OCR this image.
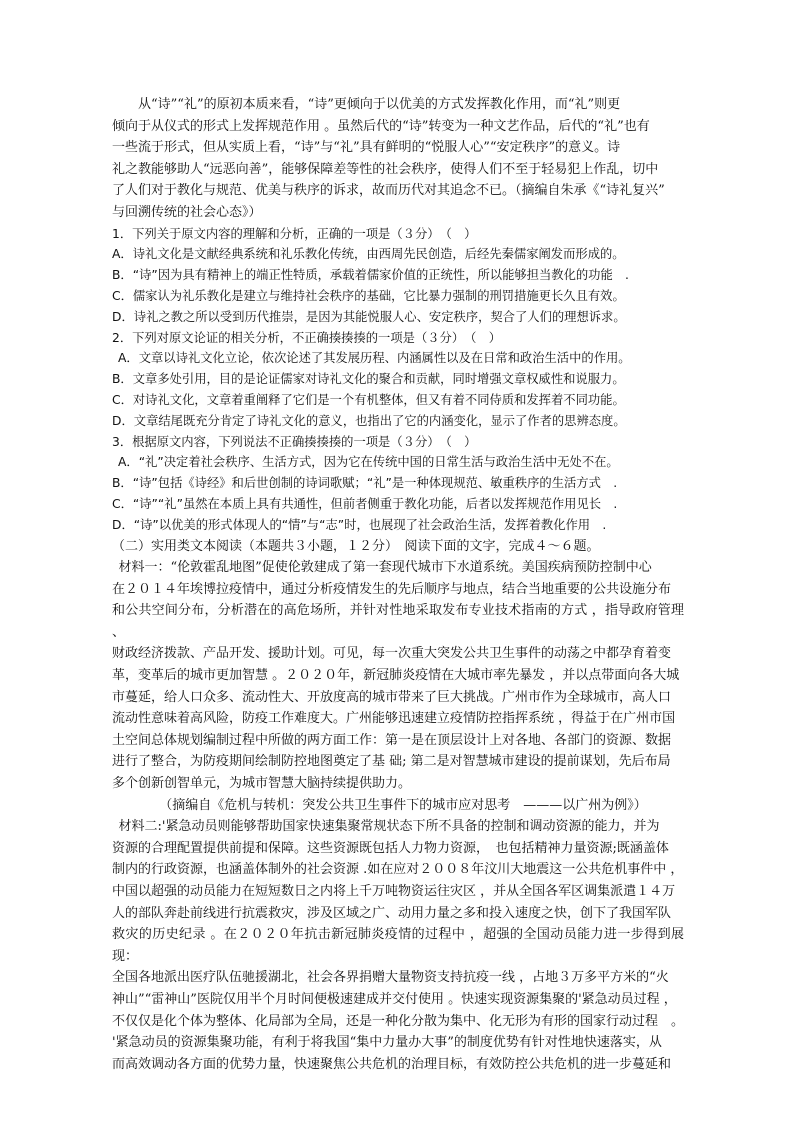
从“诗”“礼”的原初本质来看，“诗”更倾向于以优美的方式发挥教化作用，而“礼”则更

倾向于从仪式的形式上发挥规范作用 。虽然后代的“诗”转变为一种文艺作品，后代的“礼”也有

一些流于形式，但从实质上看，“诗”与“礼”具有鲜明的“悦服人心”“安定秩序”的意义。诗

礼之教能够助人“远恶向善”，能够保障差等性的社会秩序，使得人们不至于轻易犯上作乱，切中

了人们对于教化与规范、优美与秩序的诉求，故而历代对其追念不已。（摘编自朱承《“诗礼复兴”

与回溯传统的社会心态》）

1．下列关于原文内容的理解和分析，正确的一项是（３分）　（　）

A．诗礼文化是文献经典系统和礼乐教化传统，由西周先民创造，后经先秦儒家阐发而形成的。

B．“诗”因为具有精神上的端正性特质，承载着儒家价值的正统性，所以能够担当教化的功能　.

C．儒家认为礼乐教化是建立与维持社会秩序的基础，它比暴力强制的刑罚措施更长久且有效。

D．诗礼之教之所以受到历代推崇，是因为其能悦服人心、安定秩序，契合了人们的理想诉求。

2．下列对原文论证的相关分析，不正确揍揍揍的一项是（３分）　（　）

A．文章以诗礼文化立论，依次论述了其发展历程、内涵属性以及在日常和政治生活中的作用。

B．文章多处引用，目的是论证儒家对诗礼文化的聚合和贡献，同时增强文章权威性和说服力。

C．对诗礼文化，文章着重阐释了它们是一个有机整体，但又有着不同侍质和发挥着不同功能。

D．文章结尾既充分肯定了诗礼文化的意义，也指出了它的内涵变化，显示了作者的思辨态度。

3．根据原文内容，下列说法不正确揍揍揍的一项是（３分）　（　）

A．“礼”决定着社会秩序、生活方式，因为它在传统中国的日常生活与政治生活中无处不在。

B．“诗”包括《诗经》和后世创制的诗词歌赋；“礼”是一种体现规范、敏重秩序的生活方式　.

C．“诗”“礼”虽然在本质上具有共通性，但前者侧重于教化功能，后者以发挥规范作用见长　.

D．“诗”以优美的形式体现人的“情”与“志”时，也展现了社会政治生活，发挥着教化作用　.

（二）实用类文本阅读（本题共３小题，１２分）　阅读下面的文字，完成４～６题。

材料一：“伦敦霍乱地图”促使伦敦建成了第一套现代城市下水道系统。美国疾病预防控制中心

在２０１４年埃博拉疫情中，通过分析疫情发生的先后顺序与地点，结合当地重要的公共设施分布

和公共空间分布，分析潜在的高危场所，并针对性地采取发布专业技术指南的方式 ，指导政府管理 、

财政经济拨款、产品开发、援助计划。可见，每一次重大突发公共卫生事件的动荡之中都孕育着变

革，变革后的城市更加智慧 。２０２０年，新冠肺炎疫情在大城市率先暴发 ，并以点带面向各大城

市蔓延，给人口众多、流动性大、开放度高的城市带来了巨大挑战。广州市作为全球城市，高人口

流动性意味着高风险，防疫工作难度大。广州能够迅速建立疫情防控指挥系统 ，得益于在广州市国

土空间总体规划编制过程中所做的两方面工作：第一是在顶层设计上对各地、各部门的资源、数据

进行了整合，为防疫期间绘制防控地图奠定了基 础; 第二是对智慧城市建设的提前谋划，先后布局

多个创新创智单元，为城市智慧大脑持续提供助力。

（摘编自《危机与转机：突发公共卫生事件下的城市应对思考　———以广州为例》）

材料二:'紧急动员则能够帮助国家快速集聚常规状态下所不具备的控制和调动资源的能力，并为

资源的合理配置提供前提和保障。这些资源既包括人力物力资源，　也包括精神力量资源;既涵盖体

制内的行政资源，也涵盖体制外的社会资源 .如在应对２００８年汶川大地震这一公共危机事件中 ，

中国以超强的动员能力在短短数日之内将上千万吨物资运往灾区 ，并从全国各军区调集派遣１４万

人的部队奔赴前线进行抗震救灾，涉及区域之广、动用力量之多和投入速度之快，创下了我国军队

救灾的历史纪录 。在２０２０年抗击新冠肺炎疫情的过程中 ，超强的全国动员能力进一步得到展现：

全国各地派出医疗队伍驰援湖北，社会各界捐赠大量物资支持抗疫一线 ，占地３万多平方米的“火

神山”“雷神山”医院仅用半个月时间便极速建成并交付使用 。快速实现资源集聚的'紧急动员过程 ，

不仅仅是化个体为整体、化局部为全局，还是一种化分散为集中、化无形为有形的国家行动过程　。

'紧急动员的资源集聚功能，有利于将我国“集中力量办大事”的制度优势有针对性地快速落实，从

而高效调动各方面的优势力量，快速聚焦公共危机的治理目标，有效防控公共危机的进一步蔓延和
